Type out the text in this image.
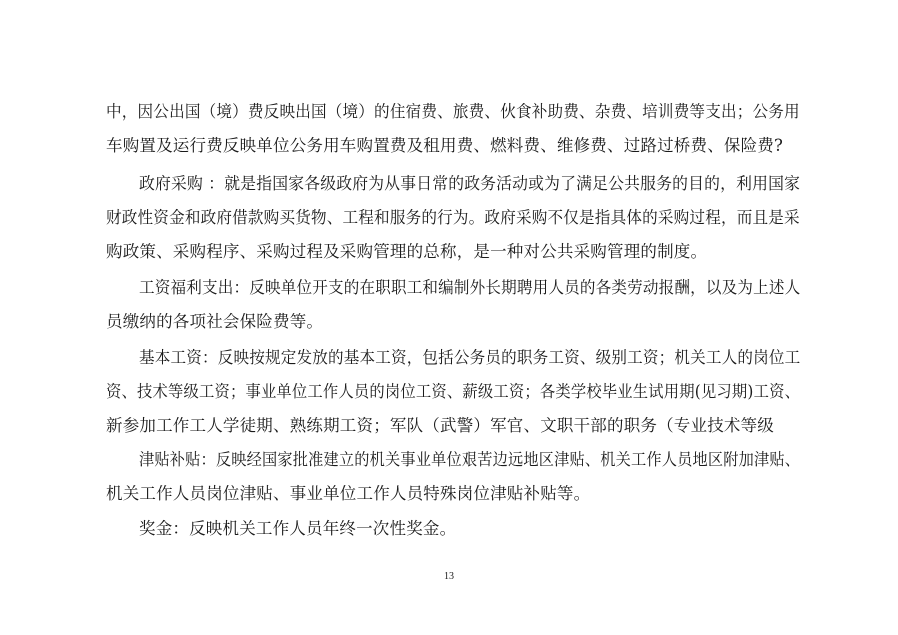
中，因公出国（境）费反映出国（境）的住宿费、旅费、伙食补助费、杂费、培训费等支出；公务用
车购置及运行费反映单位公务用车购置费及租用费、燃料费、维修费、过路过桥费、保险费?
政府采购 ：就是指国家各级政府为从事日常的政务活动或为了满足公共服务的目的，利用国家
财政性资金和政府借款购买货物、工程和服务的行为。政府采购不仅是指具体的采购过程，而且是采
购政策、采购程序、采购过程及采购管理的总称，是一种对公共采购管理的制度。
工资福利支出：反映单位开支的在职职工和编制外长期聘用人员的各类劳动报酬，以及为上述人
员缴纳的各项社会保险费等。
基本工资：反映按规定发放的基本工资，包括公务员的职务工资、级别工资；机关工人的岗位工
资、技术等级工资；事业单位工作人员的岗位工资、薪级工资；各类学校毕业生试用期(见习期)工资、
新参加工作工人学徒期、熟练期工资；军队（武警）军官、文职干部的职务（专业技术等级
津贴补贴：反映经国家批准建立的机关事业单位艰苦边远地区津贴、机关工作人员地区附加津贴、
机关工作人员岗位津贴、事业单位工作人员特殊岗位津贴补贴等。
奖金：反映机关工作人员年终一次性奖金。
13
